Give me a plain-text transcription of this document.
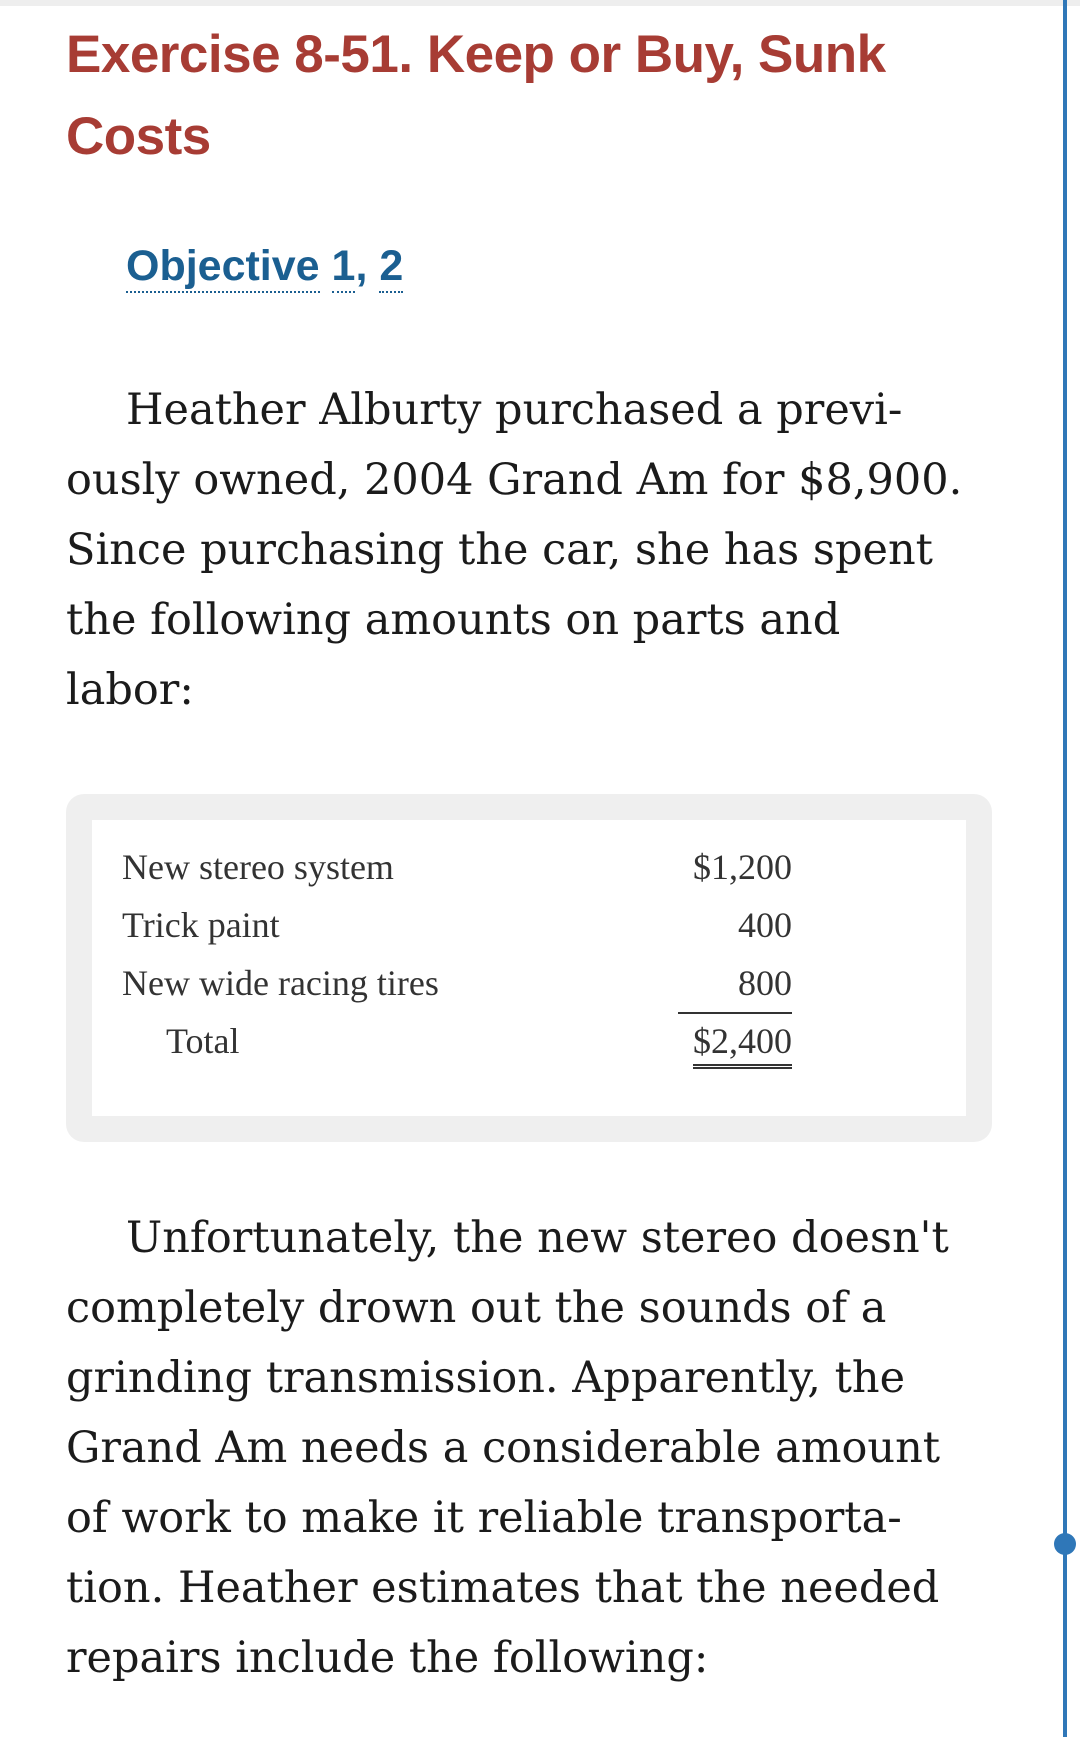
Exercise 8-51. Keep or Buy, Sunk
Costs
Objective 1, 2

Heather Alburty purchased a previ-
ously owned, 2004 Grand Am for $8,900.
Since purchasing the car, she has spent
the following amounts on parts and
labor:

New stereo system	$1,200
Trick paint	400
New wide racing tires	800
Total	$2,400

Unfortunately, the new stereo doesn't
completely drown out the sounds of a
grinding transmission. Apparently, the
Grand Am needs a considerable amount
of work to make it reliable transporta-
tion. Heather estimates that the needed
repairs include the following:
